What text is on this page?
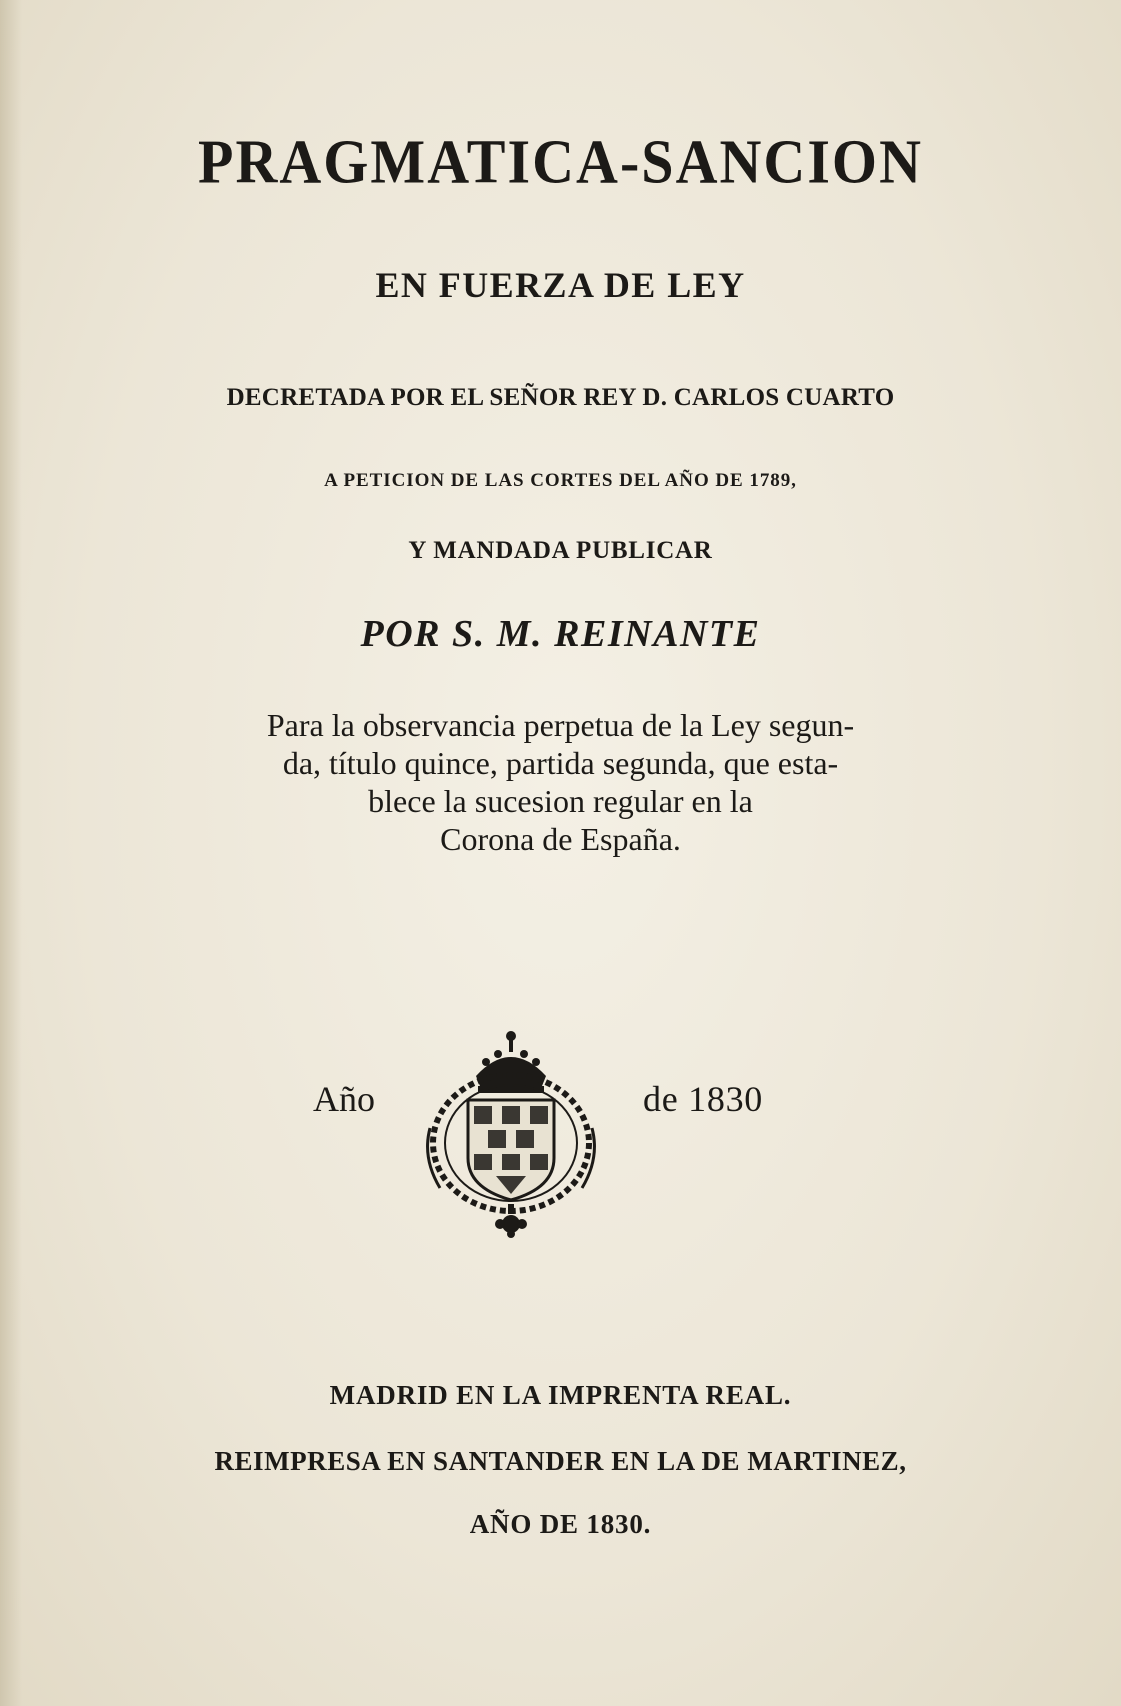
PRAGMATICA-SANCION
EN FUERZA DE LEY
DECRETADA POR EL SEÑOR REY D. CARLOS CUARTO
A PETICION DE LAS CORTES DEL AÑO DE 1789,
Y MANDADA PUBLICAR
POR S. M. REINANTE
Para la observancia perpetua de la Ley segun-
da, título quince, partida segunda, que esta-
blece la sucesion regular en la
Corona de España.
Año	de 1830
MADRID EN LA IMPRENTA REAL.
REIMPRESA EN SANTANDER EN LA DE MARTINEZ,
AÑO DE 1830.
